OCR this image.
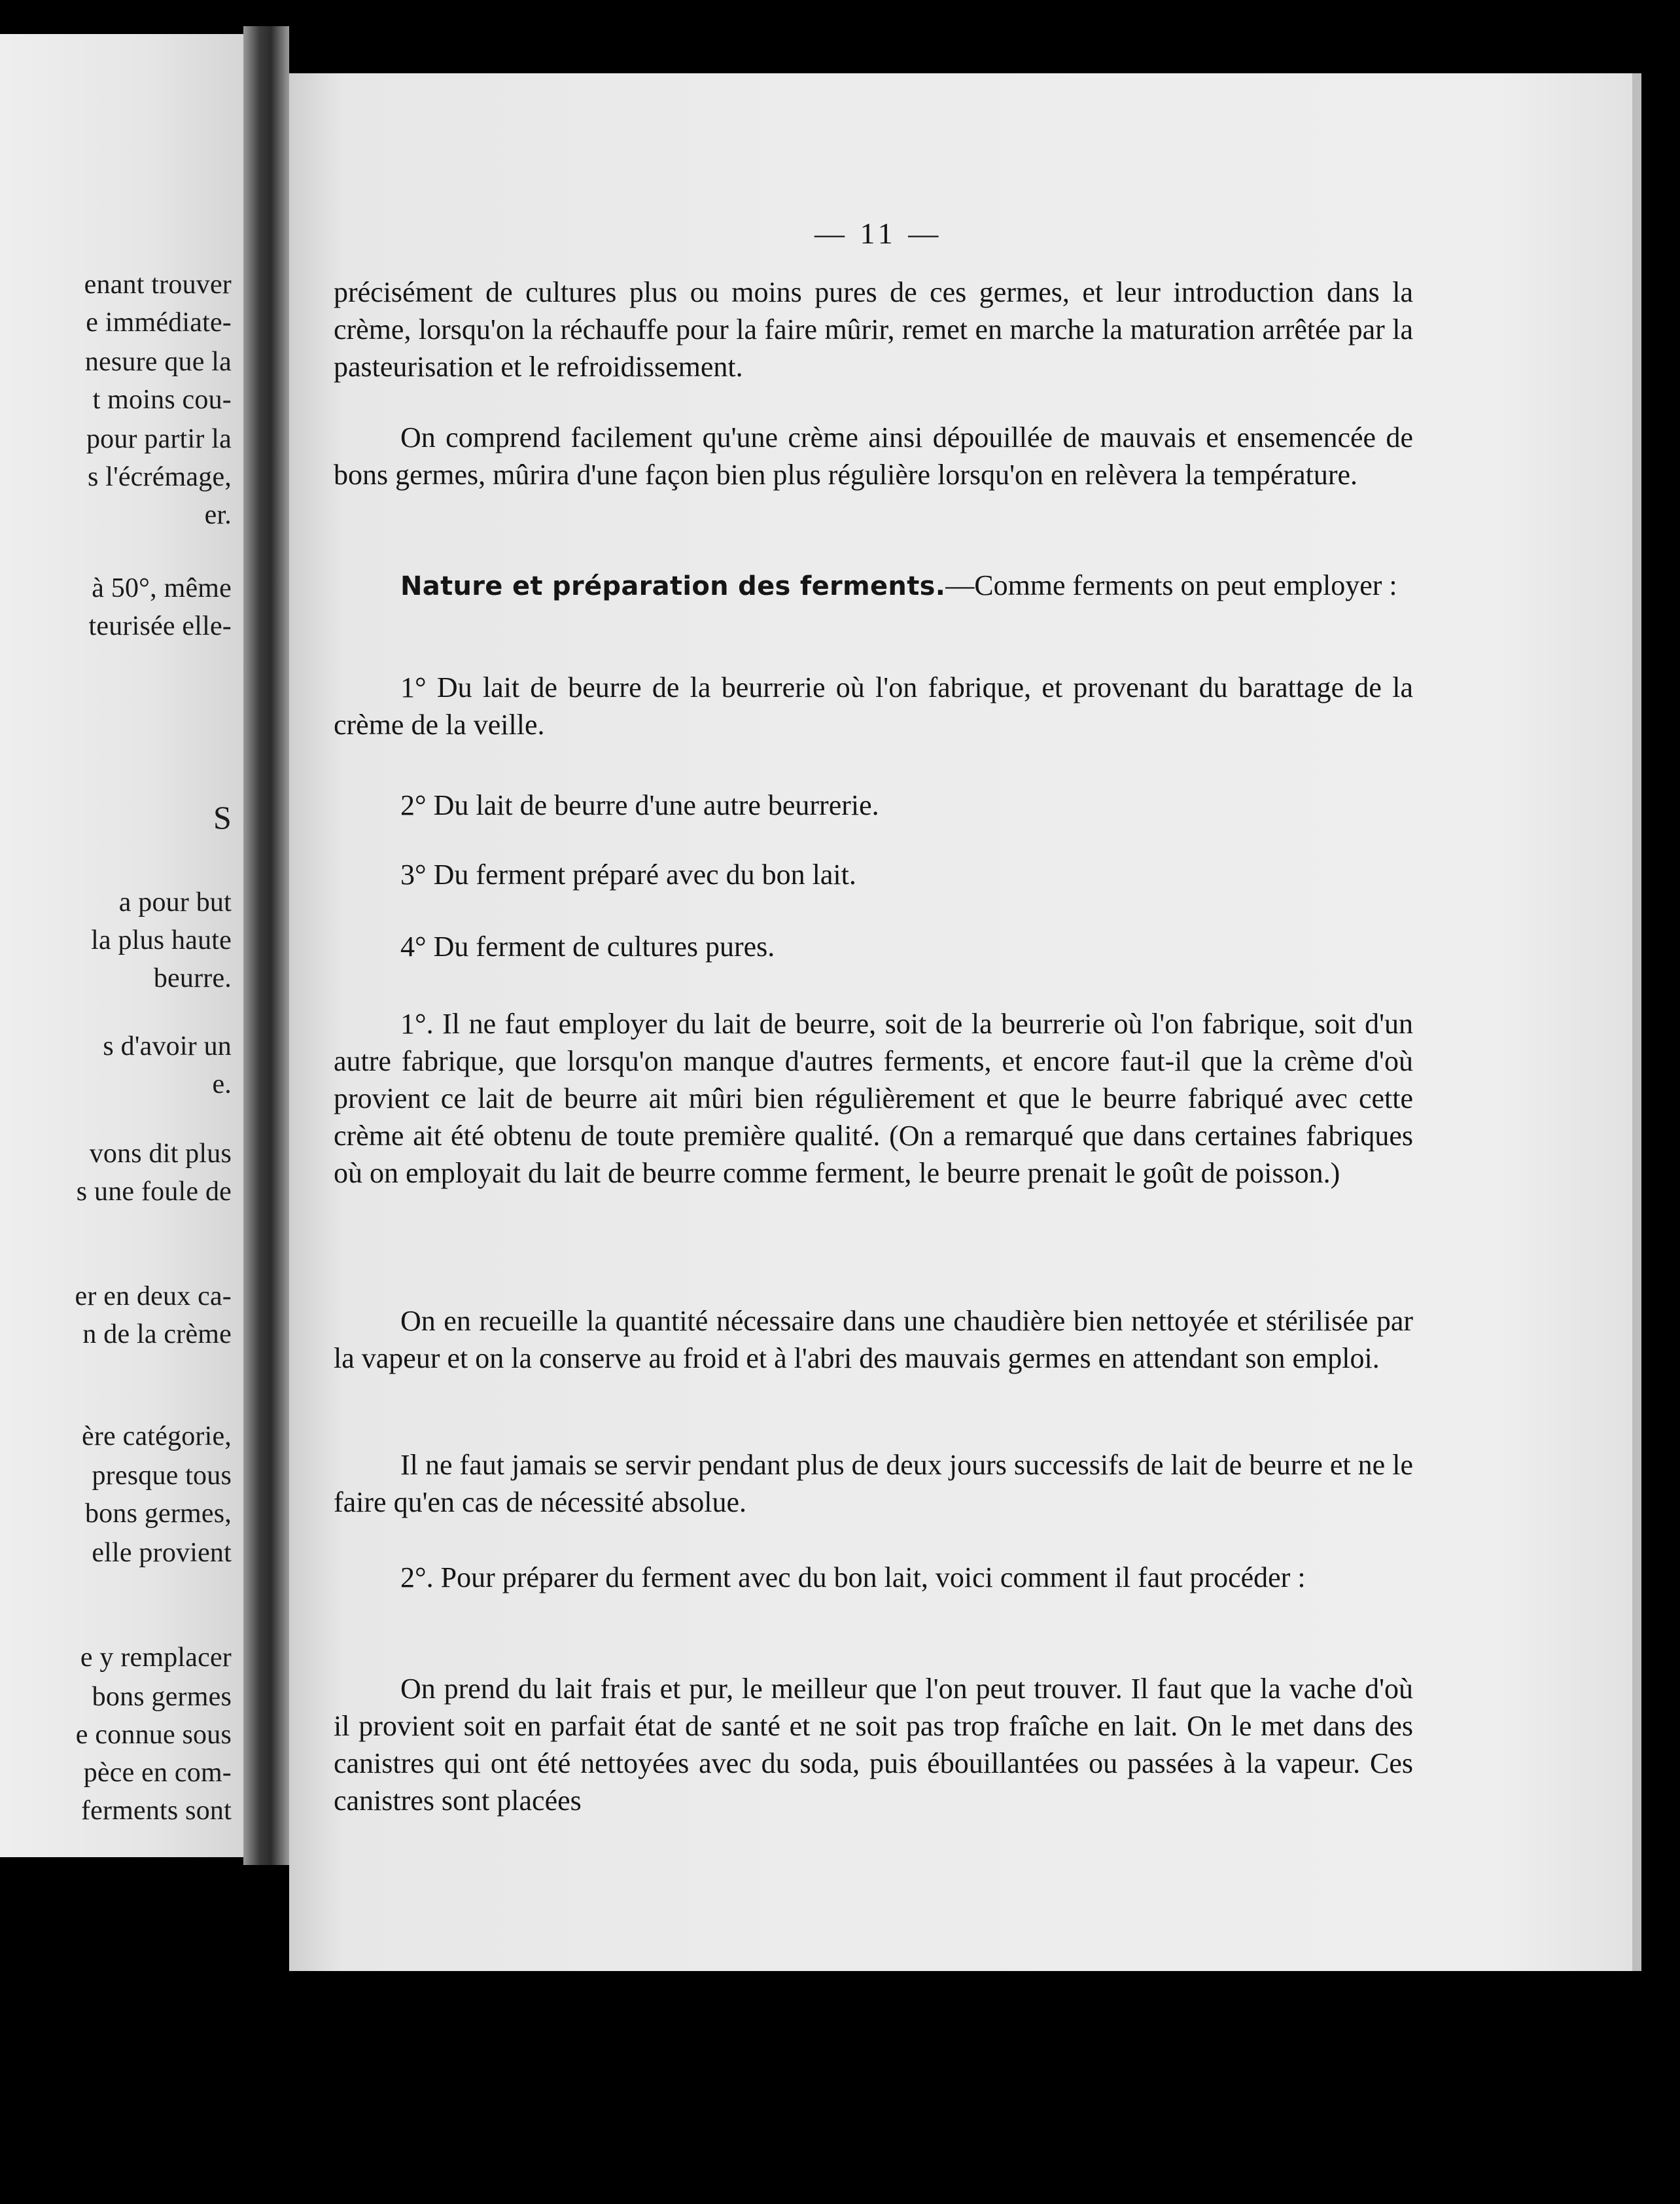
enant trouver
e immédiate-
nesure que la
t moins cou-
pour partir la
s l'écrémage,
er.
à 50°, même
teurisée elle-
S
a pour but
la plus haute
beurre.
s d'avoir un
e.
vons dit plus
s une foule de
er en deux ca-
n de la crème
ère catégorie,
presque tous
bons germes,
elle provient
e y remplacer
bons germes
e connue sous
pèce en com-
ferments sont
— 11 —
précisément de cultures plus ou moins pures de ces germes, et leur introduction dans la crème, lorsqu'on la réchauffe pour la faire mûrir, remet en marche la maturation arrêtée par la pasteurisation et le refroidissement.
On comprend facilement qu'une crème ainsi dépouillée de mauvais et ensemencée de bons germes, mûrira d'une façon bien plus régulière lorsqu'on en relèvera la température.
Nature et préparation des ferments.—Comme ferments on peut employer :
1° Du lait de beurre de la beurrerie où l'on fabrique, et provenant du barattage de la crème de la veille.
2° Du lait de beurre d'une autre beurrerie.
3° Du ferment préparé avec du bon lait.
4° Du ferment de cultures pures.
1°. Il ne faut employer du lait de beurre, soit de la beurrerie où l'on fabrique, soit d'un autre fabrique, que lorsqu'on manque d'autres ferments, et encore faut-il que la crème d'où provient ce lait de beurre ait mûri bien régulièrement et que le beurre fabriqué avec cette crème ait été obtenu de toute première qualité. (On a remarqué que dans certaines fabriques où on employait du lait de beurre comme ferment, le beurre prenait le goût de poisson.)
On en recueille la quantité nécessaire dans une chaudière bien nettoyée et stérilisée par la vapeur et on la conserve au froid et à l'abri des mauvais germes en attendant son emploi.
Il ne faut jamais se servir pendant plus de deux jours successifs de lait de beurre et ne le faire qu'en cas de nécessité absolue.
2°. Pour préparer du ferment avec du bon lait, voici comment il faut procéder :
On prend du lait frais et pur, le meilleur que l'on peut trouver. Il faut que la vache d'où il provient soit en parfait état de santé et ne soit pas trop fraîche en lait. On le met dans des canistres qui ont été nettoyées avec du soda, puis ébouillantées ou passées à la vapeur. Ces canistres sont placées
